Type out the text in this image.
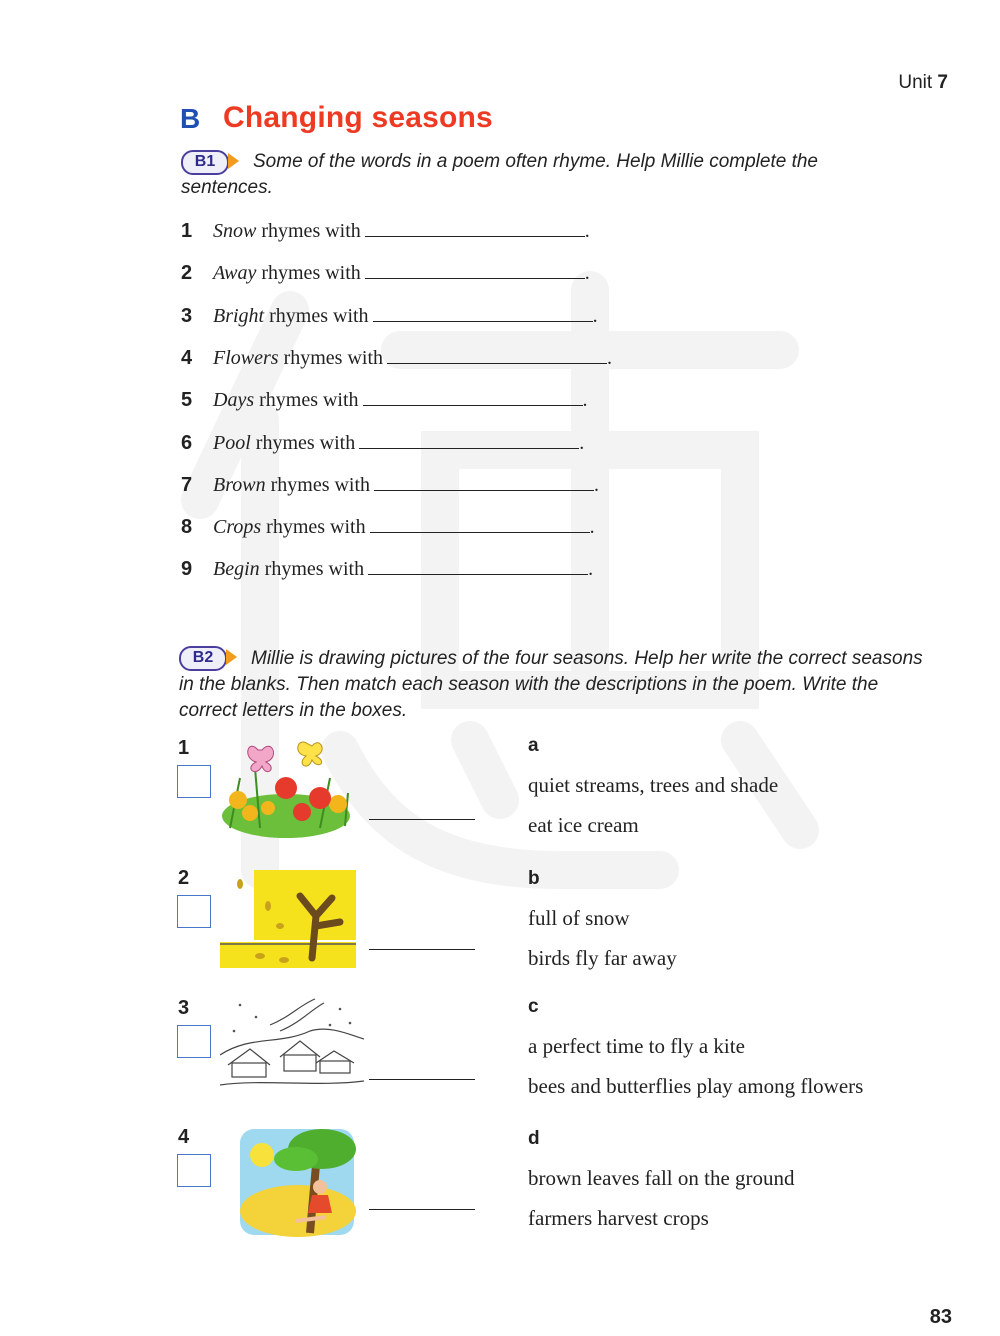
Unit 7
B Changing seasons
B1	Some of the words in a poem often rhyme. Help Millie complete the sentences.
1 Snow rhymes with	.
2 Away rhymes with	.
3 Bright rhymes with	.
4 Flowers rhymes with	.
5 Days rhymes with	.
6 Pool rhymes with	.
7 Brown rhymes with	.
8 Crops rhymes with	.
9 Begin rhymes with	.
B2	Millie is drawing pictures of the four seasons. Help her write the correct seasons in the blanks. Then match each season with the descriptions in the poem. Write the correct letters in the boxes.
1
2
3
4
a
quiet streams, trees and shade
eat ice cream
b
full of snow
birds fly far away
c
a perfect time to fly a kite
bees and butterflies play among flowers
d
brown leaves fall on the ground
farmers harvest crops
83
